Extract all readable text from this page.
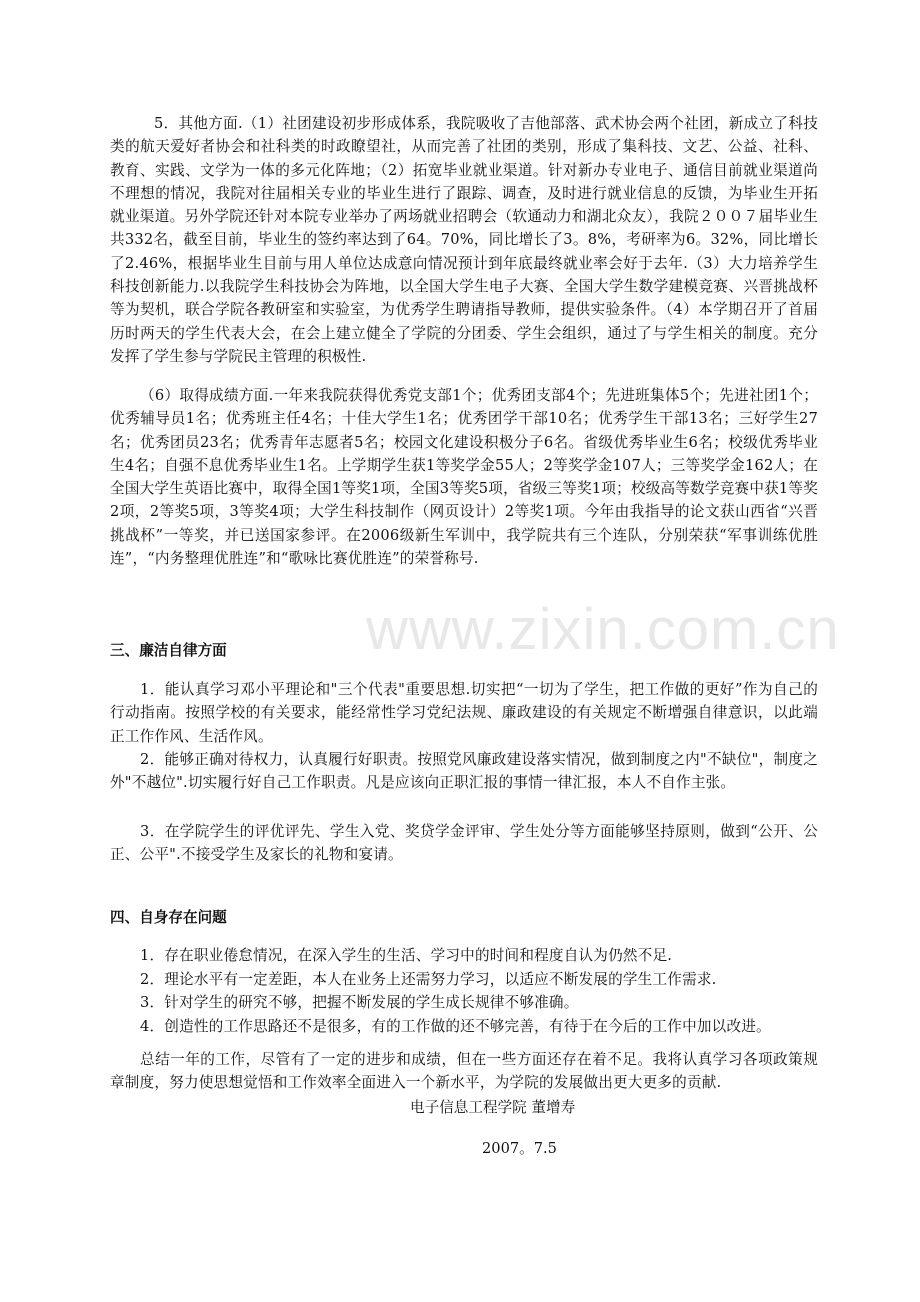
www.zixin.com.cn

5．其他方面.（1）社团建设初步形成体系，我院吸收了吉他部落、武术协会两个社团，新成立了科技类的航天爱好者协会和社科类的时政瞭望社，从而完善了社团的类别，形成了集科技、文艺、公益、社科、教育、实践、文学为一体的多元化阵地；（2）拓宽毕业就业渠道。针对新办专业电子、通信目前就业渠道尚不理想的情况，我院对往届相关专业的毕业生进行了跟踪、调查，及时进行就业信息的反馈，为毕业生开拓就业渠道。另外学院还针对本院专业举办了两场就业招聘会（软通动力和湖北众友），我院２００７届毕业生共332名，截至目前，毕业生的签约率达到了64。70%，同比增长了3。8%，考研率为6。32%，同比增长了2.46%，根据毕业生目前与用人单位达成意向情况预计到年底最终就业率会好于去年.（3）大力培养学生科技创新能力.以我院学生科技协会为阵地，以全国大学生电子大赛、全国大学生数学建模竞赛、兴晋挑战杯等为契机，联合学院各教研室和实验室，为优秀学生聘请指导教师，提供实验条件。（4）本学期召开了首届历时两天的学生代表大会，在会上建立健全了学院的分团委、学生会组织，通过了与学生相关的制度。充分发挥了学生参与学院民主管理的积极性.

（6）取得成绩方面.一年来我院获得优秀党支部1个；优秀团支部4个；先进班集体5个；先进社团1个；优秀辅导员1名；优秀班主任4名；十佳大学生1名；优秀团学干部10名；优秀学生干部13名；三好学生27名；优秀团员23名；优秀青年志愿者5名；校园文化建设积极分子6名。省级优秀毕业生6名；校级优秀毕业生4名；自强不息优秀毕业生1名。上学期学生获1等奖学金55人；2等奖学金107人；三等奖学金162人；在全国大学生英语比赛中，取得全国1等奖1项，全国3等奖5项，省级三等奖1项；校级高等数学竞赛中获1等奖2项，2等奖5项，3等奖4项；大学生科技制作（网页设计）2等奖1项。今年由我指导的论文获山西省“兴晋挑战杯”一等奖，并已送国家参评。在2006级新生军训中，我学院共有三个连队，分别荣获“军事训练优胜连”，“内务整理优胜连”和“歌咏比赛优胜连”的荣誉称号.

三、廉洁自律方面

1．能认真学习邓小平理论和"三个代表"重要思想.切实把“一切为了学生，把工作做的更好”作为自己的行动指南。按照学校的有关要求，能经常性学习党纪法规、廉政建设的有关规定不断增强自律意识，以此端正工作作风、生活作风。

2．能够正确对待权力，认真履行好职责。按照党风廉政建设落实情况，做到制度之内"不缺位"，制度之外"不越位".切实履行好自己工作职责。凡是应该向正职汇报的事情一律汇报，本人不自作主张。

3．在学院学生的评优评先、学生入党、奖贷学金评审、学生处分等方面能够坚持原则，做到“公开、公正、公平".不接受学生及家长的礼物和宴请。

四、自身存在问题

1．存在职业倦怠情况，在深入学生的生活、学习中的时间和程度自认为仍然不足.

2．理论水平有一定差距，本人在业务上还需努力学习，以适应不断发展的学生工作需求.

3．针对学生的研究不够，把握不断发展的学生成长规律不够准确。

4．创造性的工作思路还不是很多，有的工作做的还不够完善，有待于在今后的工作中加以改进。

总结一年的工作，尽管有了一定的进步和成绩，但在一些方面还存在着不足。我将认真学习各项政策规章制度，努力使思想觉悟和工作效率全面进入一个新水平，为学院的发展做出更大更多的贡献.

电子信息工程学院 董增寿
2007。7.5
